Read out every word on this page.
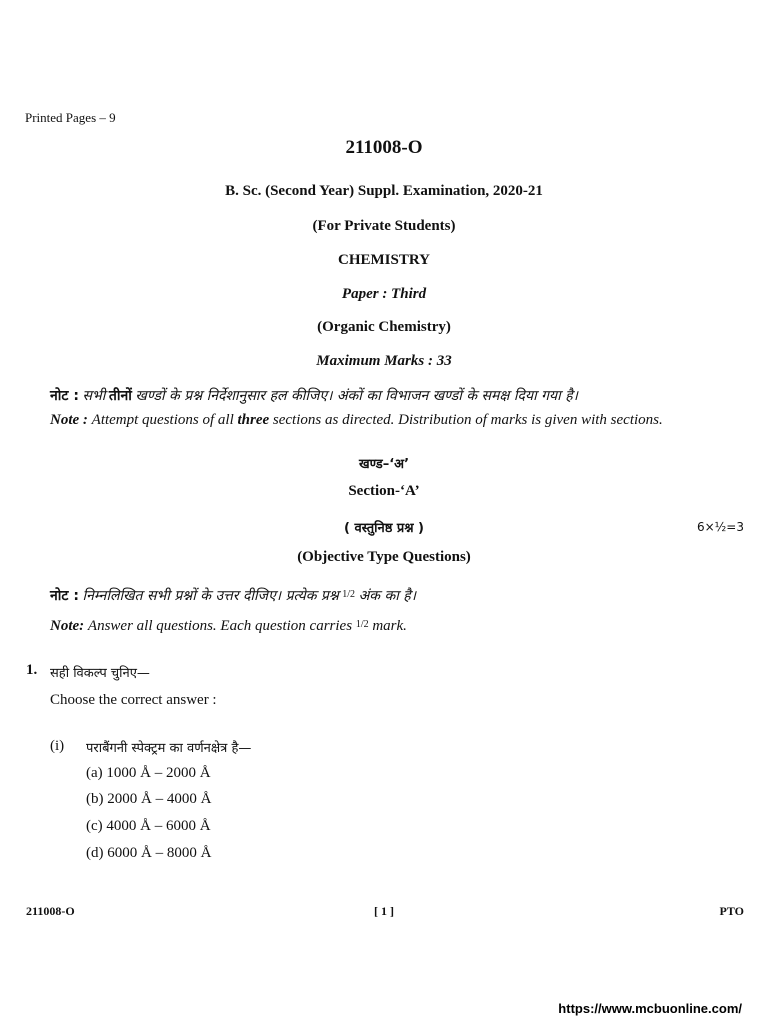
Printed Pages – 9
211008-O
B. Sc. (Second Year) Suppl. Examination, 2020-21
(For Private Students)
CHEMISTRY
Paper : Third
(Organic Chemistry)
Maximum Marks : 33
नोट : सभी तीनों खण्डों के प्रश्न निर्देशानुसार हल कीजिए। अंकों का विभाजन खण्डों के समक्ष दिया गया है।
Note : Attempt questions of all three sections as directed. Distribution of marks is given with sections.
खण्ड–‘अ’
Section-‘A’
( वस्तुनिष्ठ प्रश्न )	6×½=3
(Objective Type Questions)
नोट : निम्नलिखित सभी प्रश्नों के उत्तर दीजिए। प्रत्येक प्रश्न $^{1/2}$ अंक का है।
Note: Answer all questions. Each question carries $^{1/2}$ mark.
1. सही विकल्प चुनिए—
Choose the correct answer :
(i) पराबैंगनी स्पेक्ट्रम का वर्णनक्षेत्र है—
(a) 1000 Å – 2000 Å
(b) 2000 Å – 4000 Å
(c) 4000 Å – 6000 Å
(d) 6000 Å – 8000 Å
211008-O	[ 1 ]	PTO
https://www.mcbuonline.com/
